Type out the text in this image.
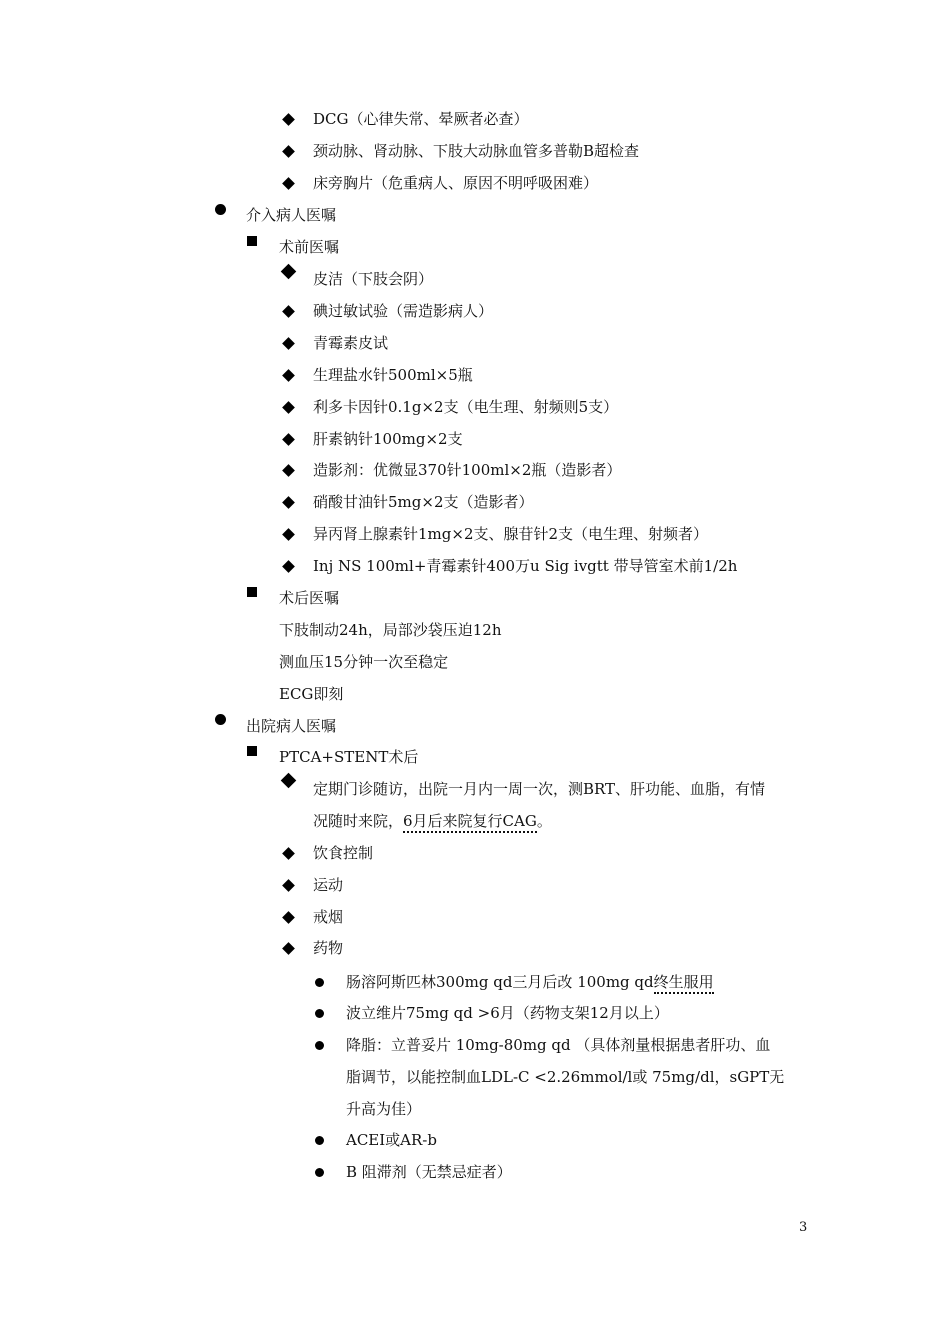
DCG（心律失常、晕厥者必查）
颈动脉、肾动脉、下肢大动脉血管多普勒B超检查
床旁胸片（危重病人、原因不明呼吸困难）
介入病人医嘱
术前医嘱
皮洁（下肢会阴）
碘过敏试验（需造影病人）
青霉素皮试
生理盐水针500ml×5瓶
利多卡因针0.1g×2支（电生理、射频则5支）
肝素钠针100mg×2支
造影剂：优微显370针100ml×2瓶（造影者）
硝酸甘油针5mg×2支（造影者）
异丙肾上腺素针1mg×2支、腺苷针2支（电生理、射频者）
Inj NS 100ml+青霉素针400万u Sig ivgtt 带导管室术前1/2h
术后医嘱
下肢制动24h，局部沙袋压迫12h
测血压15分钟一次至稳定
ECG即刻
出院病人医嘱
PTCA+STENT术后
定期门诊随访，出院一月内一周一次，测BRT、肝功能、血脂，有情
况随时来院，6月后来院复行CAG。
饮食控制
运动
戒烟
药物
肠溶阿斯匹林300mg qd三月后改 100mg qd终生服用
波立维片75mg qd >6月（药物支架12月以上）
降脂：立普妥片 10mg-80mg qd （具体剂量根据患者肝功、血
脂调节，以能控制血LDL-C <2.26mmol/l或 75mg/dl，sGPT无
升高为佳）
ACEI或AR-b
Β 阻滞剂（无禁忌症者）
3
